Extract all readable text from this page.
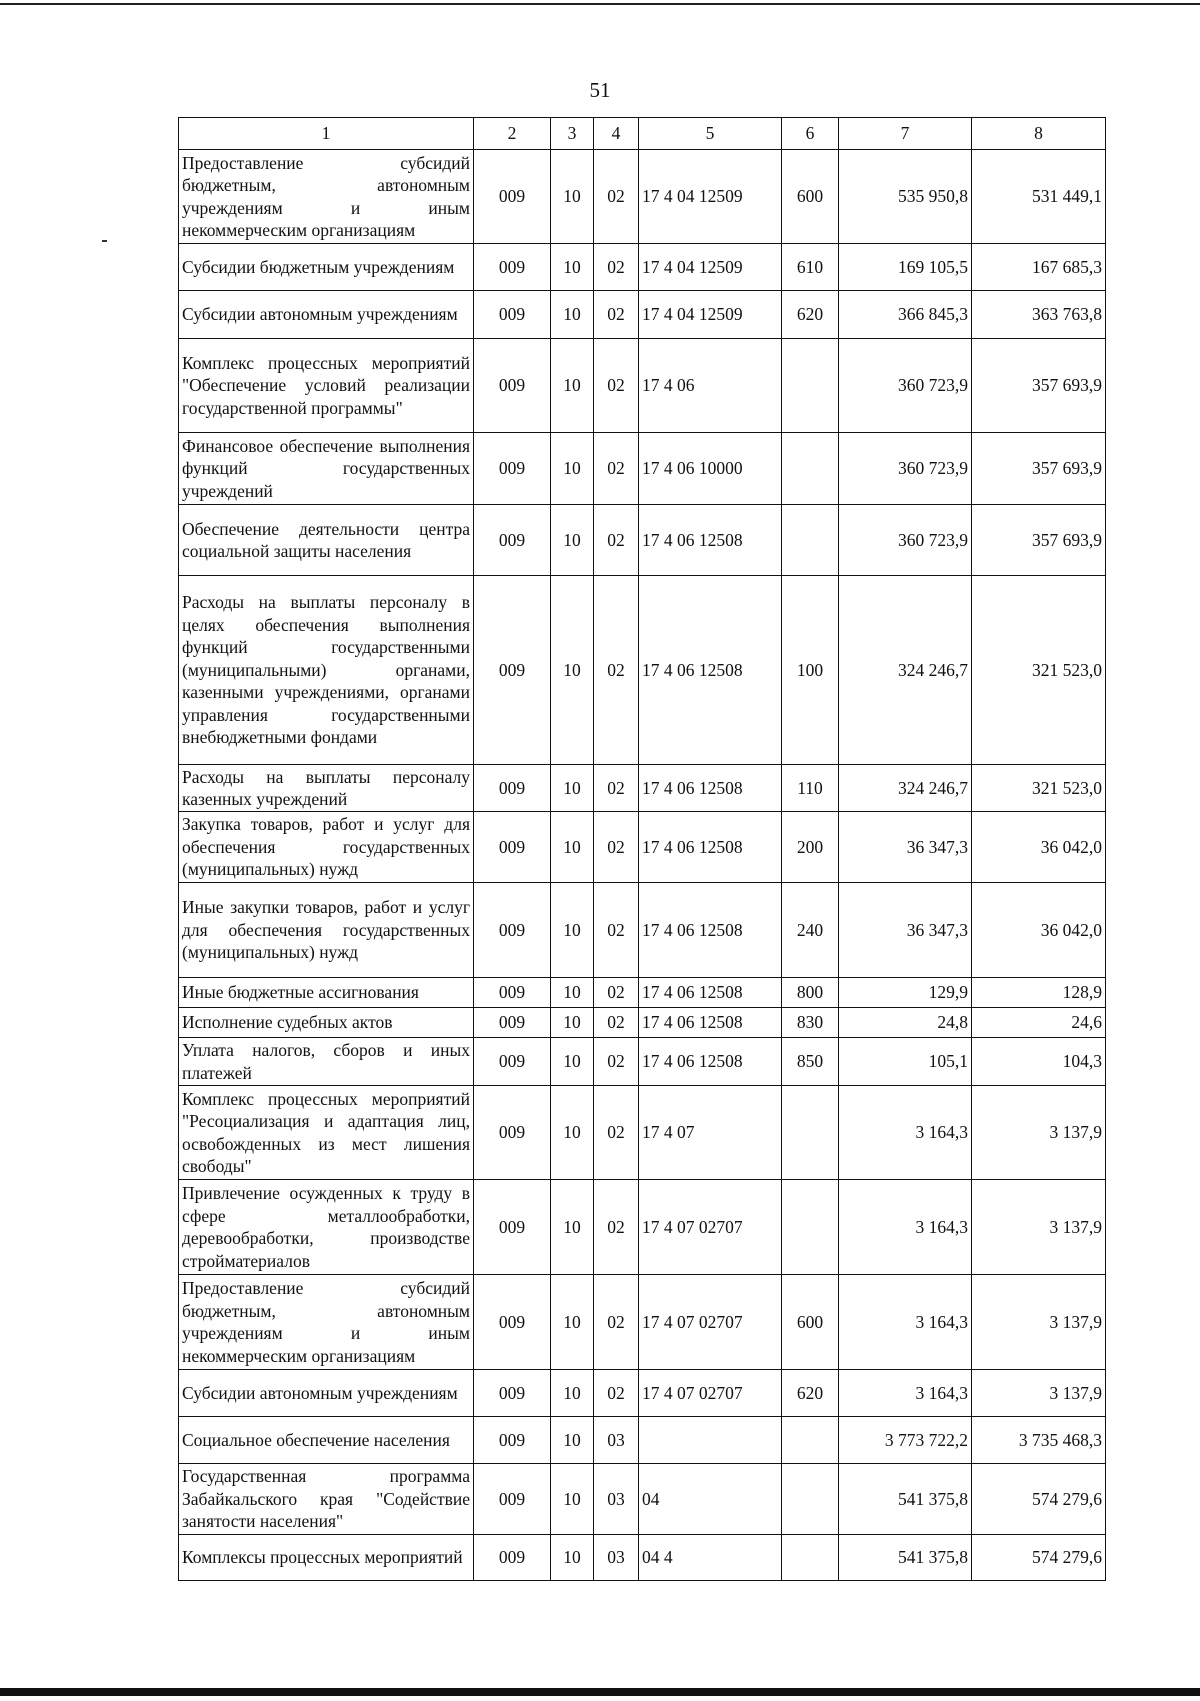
51
1	2	3	4	5	6	7	8
Предоставление субсидий бюджетным, автономным учреждениям и иным некоммерческим организациям	009	10	02	17 4 04 12509	600	535 950,8	531 449,1
Субсидии бюджетным учреждениям	009	10	02	17 4 04 12509	610	169 105,5	167 685,3
Субсидии автономным учреждениям	009	10	02	17 4 04 12509	620	366 845,3	363 763,8
Комплекс процессных мероприятий "Обеспечение условий реализации государственной программы"	009	10	02	17 4 06		360 723,9	357 693,9
Финансовое обеспечение выполнения функций государственных учреждений	009	10	02	17 4 06 10000		360 723,9	357 693,9
Обеспечение деятельности центра социальной защиты населения	009	10	02	17 4 06 12508		360 723,9	357 693,9
Расходы на выплаты персоналу в целях обеспечения выполнения функций государственными (муниципальными) органами, казенными учреждениями, органами управления государственными внебюджетными фондами	009	10	02	17 4 06 12508	100	324 246,7	321 523,0
Расходы на выплаты персоналу казенных учреждений	009	10	02	17 4 06 12508	110	324 246,7	321 523,0
Закупка товаров, работ и услуг для обеспечения государственных (муниципальных) нужд	009	10	02	17 4 06 12508	200	36 347,3	36 042,0
Иные закупки товаров, работ и услуг для обеспечения государственных (муниципальных) нужд	009	10	02	17 4 06 12508	240	36 347,3	36 042,0
Иные бюджетные ассигнования	009	10	02	17 4 06 12508	800	129,9	128,9
Исполнение судебных актов	009	10	02	17 4 06 12508	830	24,8	24,6
Уплата налогов, сборов и иных платежей	009	10	02	17 4 06 12508	850	105,1	104,3
Комплекс процессных мероприятий "Ресоциализация и адаптация лиц, освобожденных из мест лишения свободы"	009	10	02	17 4 07		3 164,3	3 137,9
Привлечение осужденных к труду в сфере металлообработки, деревообработки, производстве стройматериалов	009	10	02	17 4 07 02707		3 164,3	3 137,9
Предоставление субсидий бюджетным, автономным учреждениям и иным некоммерческим организациям	009	10	02	17 4 07 02707	600	3 164,3	3 137,9
Субсидии автономным учреждениям	009	10	02	17 4 07 02707	620	3 164,3	3 137,9
Социальное обеспечение населения	009	10	03			3 773 722,2	3 735 468,3
Государственная программа Забайкальского края "Содействие занятости населения"	009	10	03	04		541 375,8	574 279,6
Комплексы процессных мероприятий	009	10	03	04 4		541 375,8	574 279,6
